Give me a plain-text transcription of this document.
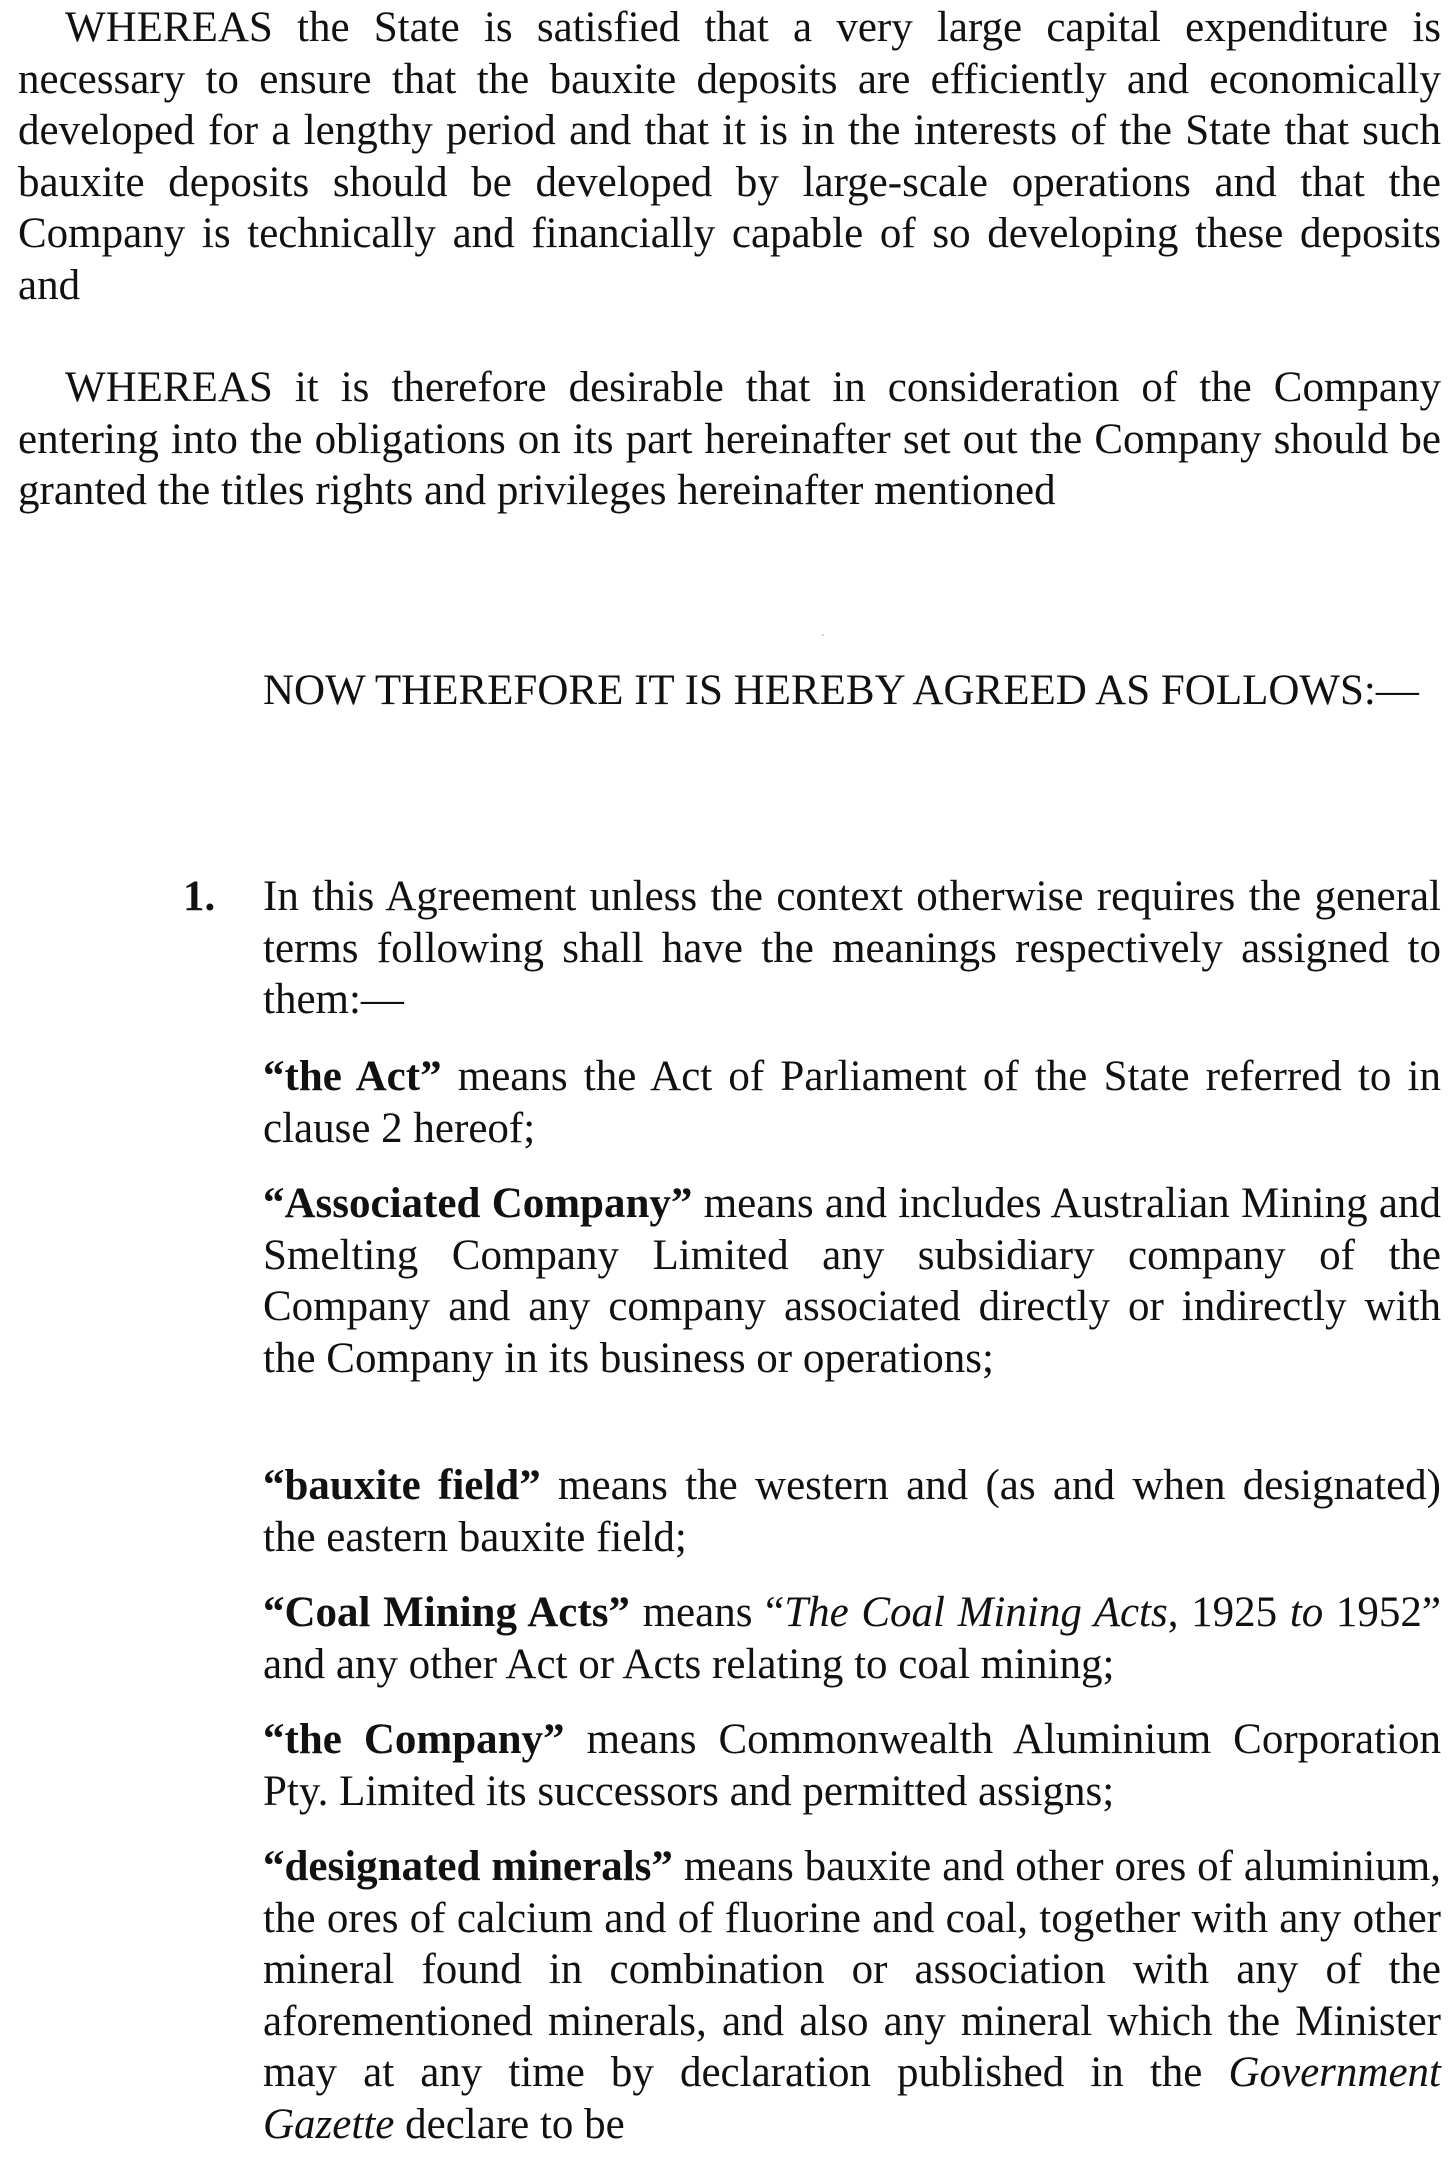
WHEREAS the State is satisfied that a very large capital expenditure is necessary to ensure that the bauxite deposits are efficiently and economically developed for a lengthy period and that it is in the interests of the State that such bauxite deposits should be developed by large-scale operations and that the Company is technically and financially capable of so developing these deposits and

WHEREAS it is therefore desirable that in consideration of the Company entering into the obligations on its part hereinafter set out the Company should be granted the titles rights and privileges hereinafter mentioned

NOW THEREFORE IT IS HEREBY AGREED AS FOLLOWS:—

1. In this Agreement unless the context otherwise requires the general terms following shall have the meanings respectively assigned to them:—

“the Act” means the Act of Parliament of the State referred to in clause 2 hereof;

“Associated Company” means and includes Australian Mining and Smelting Company Limited any subsidiary company of the Company and any company associated directly or indirectly with the Company in its business or operations;

“bauxite field” means the western and (as and when designated) the eastern bauxite field;

“Coal Mining Acts” means “The Coal Mining Acts, 1925 to 1952” and any other Act or Acts relating to coal mining;

“the Company” means Commonwealth Aluminium Corporation Pty. Limited its successors and permitted assigns;

“designated minerals” means bauxite and other ores of aluminium, the ores of calcium and of fluorine and coal, together with any other mineral found in combination or association with any of the aforementioned minerals, and also any mineral which the Minister may at any time by declaration published in the Government Gazette declare to be
